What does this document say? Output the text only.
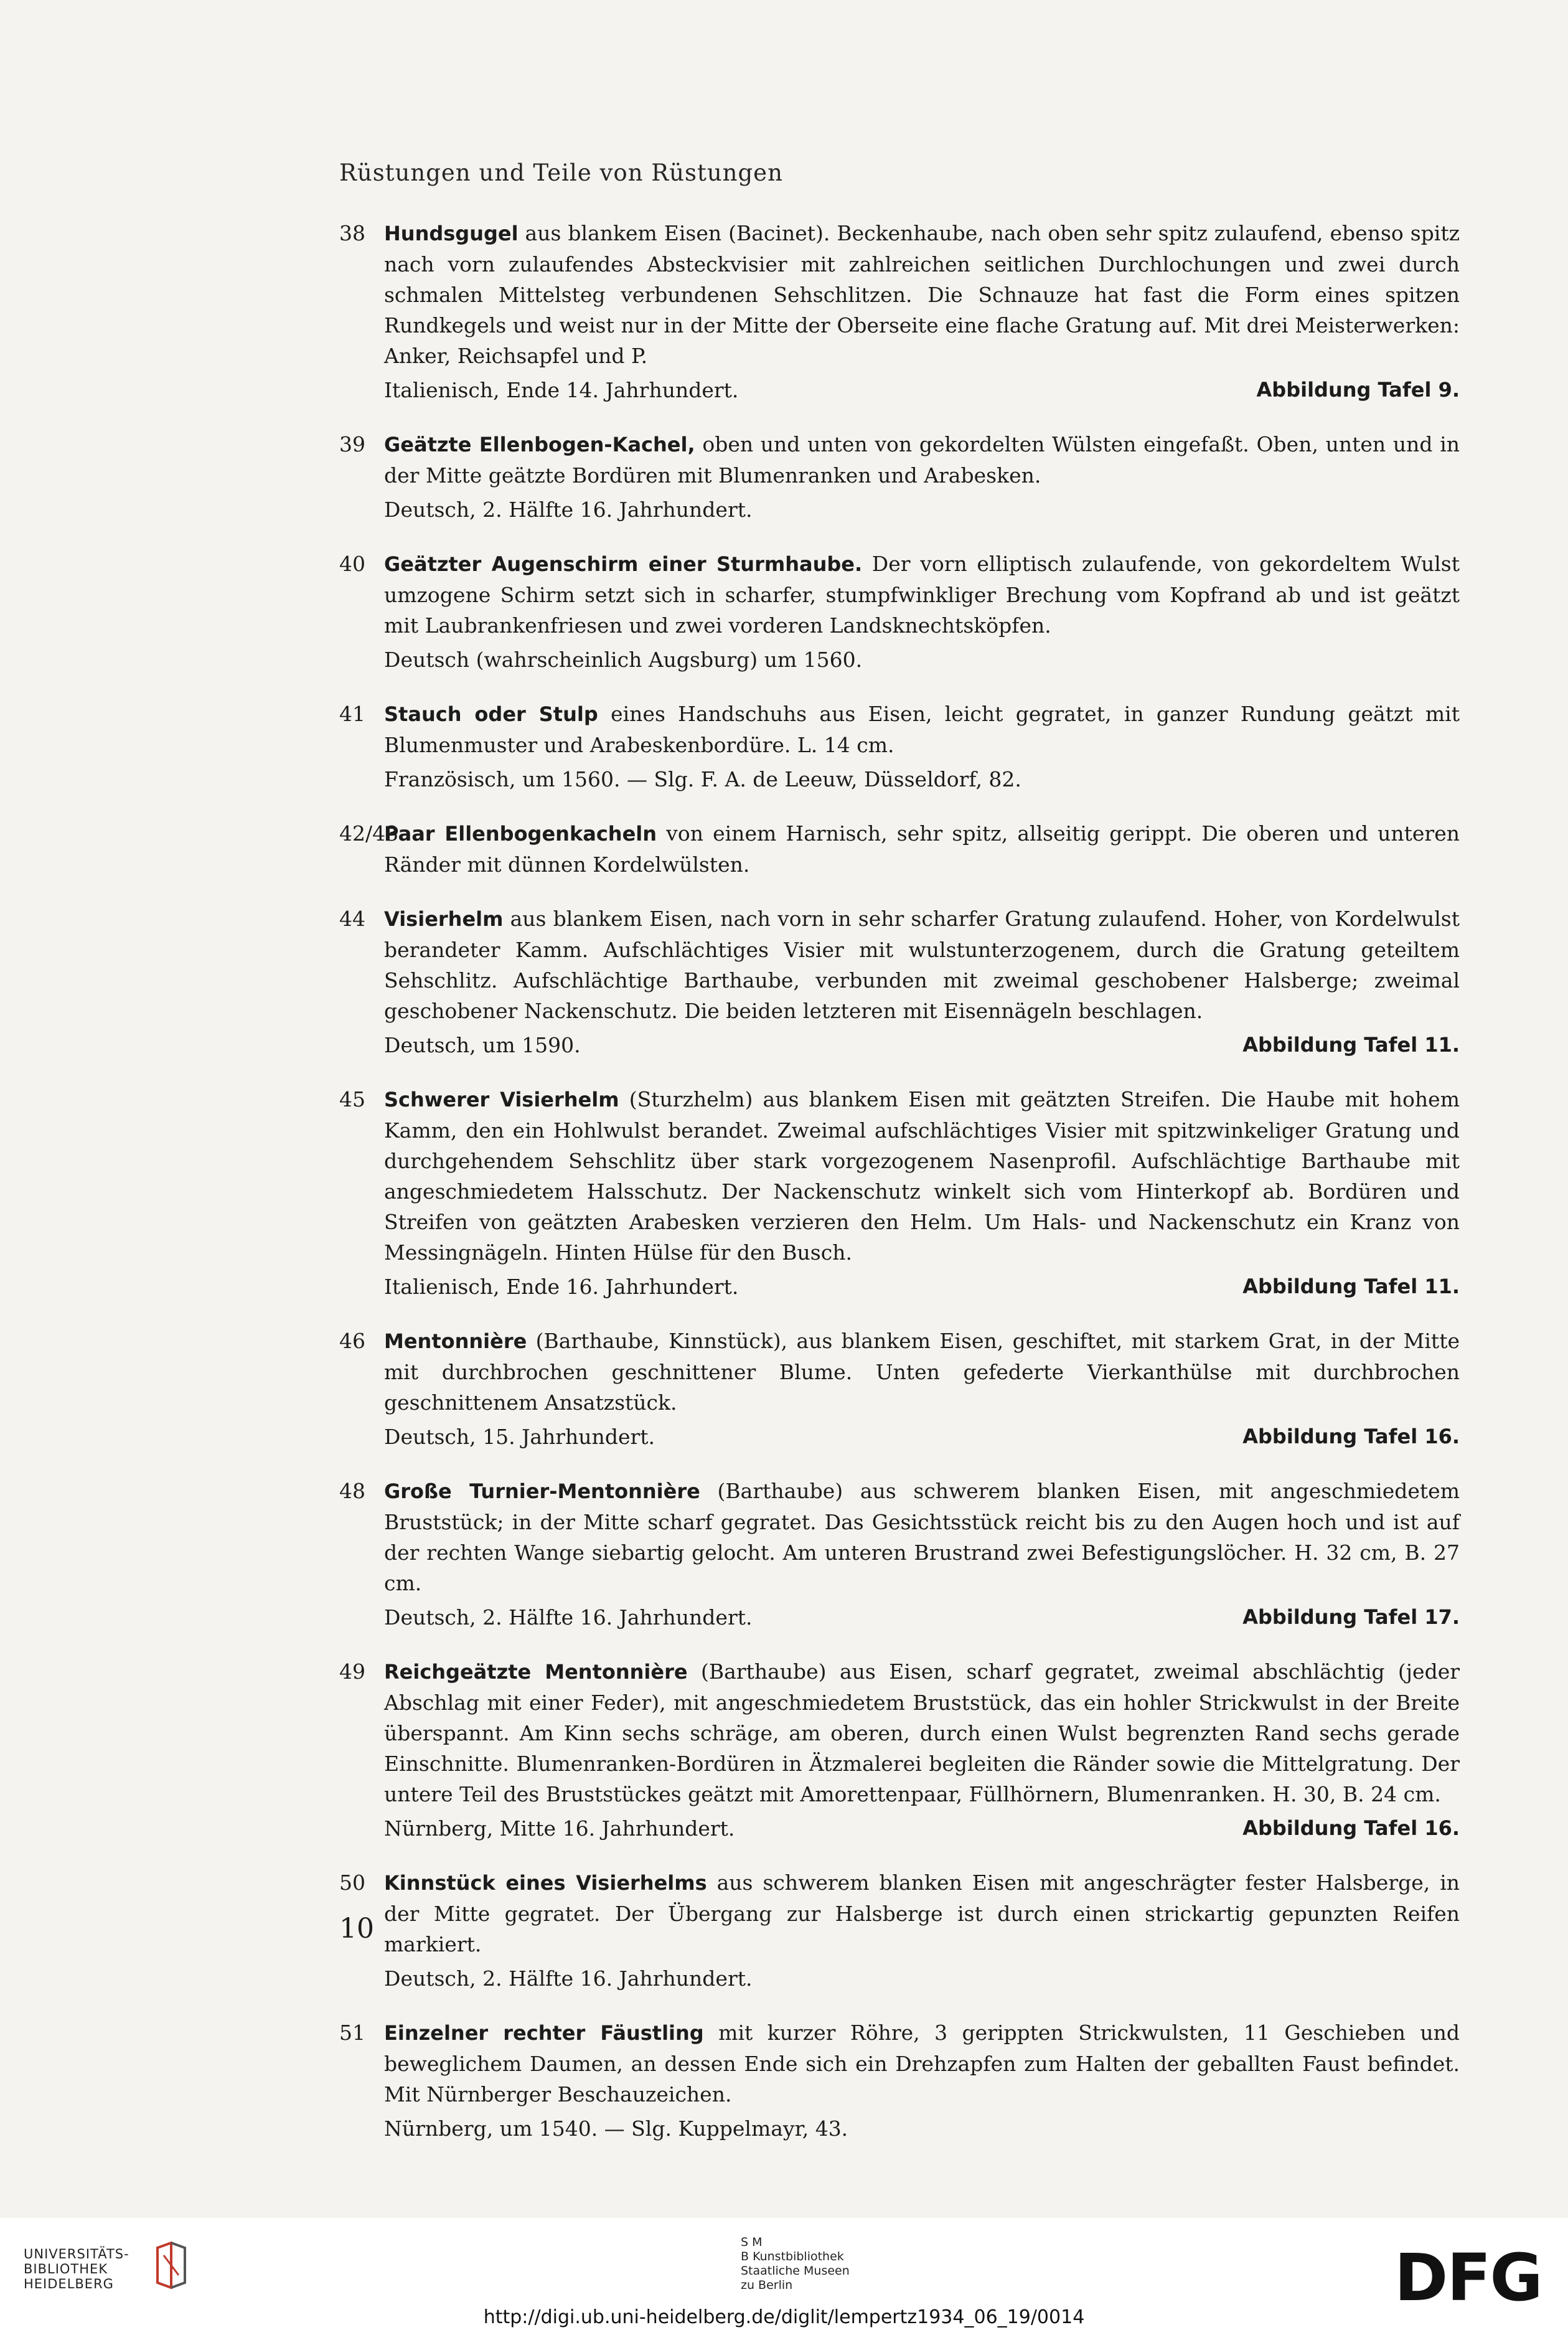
Rüstungen und Teile von Rüstungen
38 Hundsgugel aus blankem Eisen (Bacinet). Beckenhaube, nach oben sehr spitz zulaufend, ebenso spitz nach vorn zulaufendes Absteckvisier mit zahlreichen seitlichen Durchlochungen und zwei durch schmalen Mittelsteg verbundenen Sehschlitzen. Die Schnauze hat fast die Form eines spitzen Rundkegels und weist nur in der Mitte der Oberseite eine flache Gratung auf. Mit drei Meisterwerken: Anker, Reichsapfel und P.
Italienisch, Ende 14. Jahrhundert.	Abbildung Tafel 9.
39 Geätzte Ellenbogen-Kachel, oben und unten von gekordelten Wülsten eingefaßt. Oben, unten und in der Mitte geätzte Bordüren mit Blumenranken und Arabesken.
Deutsch, 2. Hälfte 16. Jahrhundert.
40 Geätzter Augenschirm einer Sturmhaube. Der vorn elliptisch zulaufende, von gekordeltem Wulst umzogene Schirm setzt sich in scharfer, stumpfwinkliger Brechung vom Kopfrand ab und ist geätzt mit Laubrankenfriesen und zwei vorderen Landsknechtsköpfen.
Deutsch (wahrscheinlich Augsburg) um 1560.
41 Stauch oder Stulp eines Handschuhs aus Eisen, leicht gegratet, in ganzer Rundung geätzt mit Blumenmuster und Arabeskenbordüre. L. 14 cm.
Französisch, um 1560. — Slg. F. A. de Leeuw, Düsseldorf, 82.
42/43
Paar Ellenbogenkacheln von einem Harnisch, sehr spitz, allseitig gerippt. Die oberen und unteren Ränder mit dünnen Kordelwülsten.
44 Visierhelm aus blankem Eisen, nach vorn in sehr scharfer Gratung zulaufend. Hoher, von Kordelwulst berandeter Kamm. Aufschlächtiges Visier mit wulstunterzogenem, durch die Gratung geteiltem Sehschlitz. Aufschlächtige Barthaube, verbunden mit zweimal geschobener Halsberge; zweimal geschobener Nackenschutz. Die beiden letzteren mit Eisennägeln beschlagen.
Deutsch, um 1590.	Abbildung Tafel 11.
45 Schwerer Visierhelm (Sturzhelm) aus blankem Eisen mit geätzten Streifen. Die Haube mit hohem Kamm, den ein Hohlwulst berandet. Zweimal aufschlächtiges Visier mit spitzwinkeliger Gratung und durchgehendem Sehschlitz über stark vorgezogenem Nasenprofil. Aufschlächtige Barthaube mit angeschmiedetem Halsschutz. Der Nackenschutz winkelt sich vom Hinterkopf ab. Bordüren und Streifen von geätzten Arabesken verzieren den Helm. Um Hals- und Nackenschutz ein Kranz von Messingnägeln. Hinten Hülse für den Busch.
Italienisch, Ende 16. Jahrhundert.	Abbildung Tafel 11.
46 Mentonnière (Barthaube, Kinnstück), aus blankem Eisen, geschiftet, mit starkem Grat, in der Mitte mit durchbrochen geschnittener Blume. Unten gefederte Vierkanthülse mit durchbrochen geschnittenem Ansatzstück.
Deutsch, 15. Jahrhundert.	Abbildung Tafel 16.
48 Große Turnier-Mentonnière (Barthaube) aus schwerem blanken Eisen, mit angeschmiedetem Bruststück; in der Mitte scharf gegratet. Das Gesichtsstück reicht bis zu den Augen hoch und ist auf der rechten Wange siebartig gelocht. Am unteren Brustrand zwei Befestigungslöcher. H. 32 cm, B. 27 cm.
Deutsch, 2. Hälfte 16. Jahrhundert.	Abbildung Tafel 17.
49 Reichgeätzte Mentonnière (Barthaube) aus Eisen, scharf gegratet, zweimal abschlächtig (jeder Abschlag mit einer Feder), mit angeschmiedetem Bruststück, das ein hohler Strickwulst in der Breite überspannt. Am Kinn sechs schräge, am oberen, durch einen Wulst begrenzten Rand sechs gerade Einschnitte. Blumenranken-Bordüren in Ätzmalerei begleiten die Ränder sowie die Mittelgratung. Der untere Teil des Bruststückes geätzt mit Amorettenpaar, Füllhörnern, Blumenranken. H. 30, B. 24 cm.
Nürnberg, Mitte 16. Jahrhundert.	Abbildung Tafel 16.
50 Kinnstück eines Visierhelms aus schwerem blanken Eisen mit angeschrägter fester Halsberge, in der Mitte gegratet. Der Übergang zur Halsberge ist durch einen strickartig gepunzten Reifen markiert.
Deutsch, 2. Hälfte 16. Jahrhundert.
51 Einzelner rechter Fäustling mit kurzer Röhre, 3 gerippten Strickwulsten, 11 Geschieben und beweglichem Daumen, an dessen Ende sich ein Drehzapfen zum Halten der geballten Faust befindet. Mit Nürnberger Beschauzeichen.
Nürnberg, um 1540. — Slg. Kuppelmayr, 43.
10
UNIVERSITÄTS-
BIBLIOTHEK
HEIDELBERG
S M
B Kunstbibliothek
Staatliche Museen
zu Berlin	DFG
http://digi.ub.uni-heidelberg.de/diglit/lempertz1934_06_19/0014
